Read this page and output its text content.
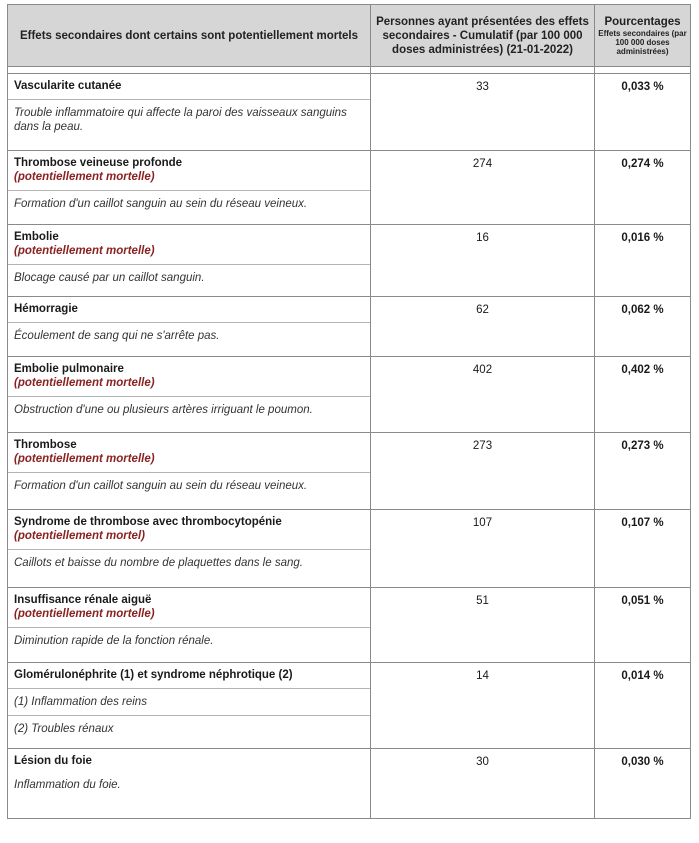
Effets secondaires dont certains sont potentiellement mortels	Personnes ayant présentées des effets secondaires - Cumulatif (par 100 000 doses administrées) (21-01-2022)	Pourcentages
Effets secondaires (par 100 000 doses administrées)

Vascularite cutanée
Trouble inflammatoire qui affecte la paroi des vaisseaux sanguins dans la peau.	33	0,033 %

Thrombose veineuse profonde
(potentiellement mortelle)
Formation d'un caillot sanguin au sein du réseau veineux.	274	0,274 %

Embolie
(potentiellement mortelle)
Blocage causé par un caillot sanguin.	16	0,016 %

Hémorragie
Écoulement de sang qui ne s'arrête pas.	62	0,062 %

Embolie pulmonaire
(potentiellement mortelle)
Obstruction d'une ou plusieurs artères irriguant le poumon.	402	0,402 %

Thrombose
(potentiellement mortelle)
Formation d'un caillot sanguin au sein du réseau veineux.	273	0,273 %

Syndrome de thrombose avec thrombocytopénie
(potentiellement mortel)
Caillots et baisse du nombre de plaquettes dans le sang.	107	0,107 %

Insuffisance rénale aiguë
(potentiellement mortelle)
Diminution rapide de la fonction rénale.	51	0,051 %

Glomérulonéphrite (1) et syndrome néphrotique (2)
(1) Inflammation des reins
(2) Troubles rénaux	14	0,014 %

Lésion du foie
Inflammation du foie.	30	0,030 %
